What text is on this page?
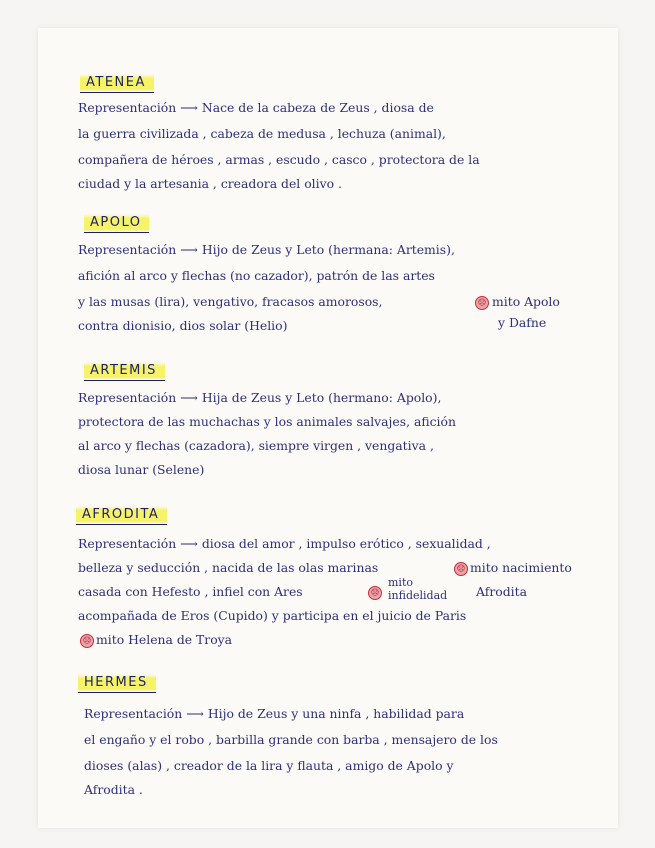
ATENEA
Representación ⟶ Nace de la cabeza de Zeus , diosa de
la guerra civilizada , cabeza de medusa , lechuza (animal),
compañera de héroes , armas , escudo , casco , protectora de la
ciudad y la artesania , creadora del olivo .
APOLO
Representación ⟶ Hijo de Zeus y Leto (hermana: Artemis),
afición al arco y flechas (no cazador), patrón de las artes
y las musas (lira), vengativo, fracasos amorosos,	☹ mito Apolo
contra dionisio, dios solar (Helio)	y Dafne
ARTEMIS
Representación ⟶ Hija de Zeus y Leto (hermano: Apolo),
protectora de las muchachas y los animales salvajes, afición
al arco y flechas (cazadora), siempre virgen , vengativa ,
diosa lunar (Selene)
AFRODITA
Representación ⟶ diosa del amor , impulso erótico , sexualidad ,
belleza y seducción , nacida de las olas marinas	☹ mito nacimiento
casada con Hefesto , infiel con Ares	☹
mito
infidelidad Afrodita
acompañada de Eros (Cupido) y participa en el juicio de Paris
☹ mito Helena de Troya
HERMES
Representación ⟶ Hijo de Zeus y una ninfa , habilidad para
el engaño y el robo , barbilla grande con barba , mensajero de los
dioses (alas) , creador de la lira y flauta , amigo de Apolo y
Afrodita .
